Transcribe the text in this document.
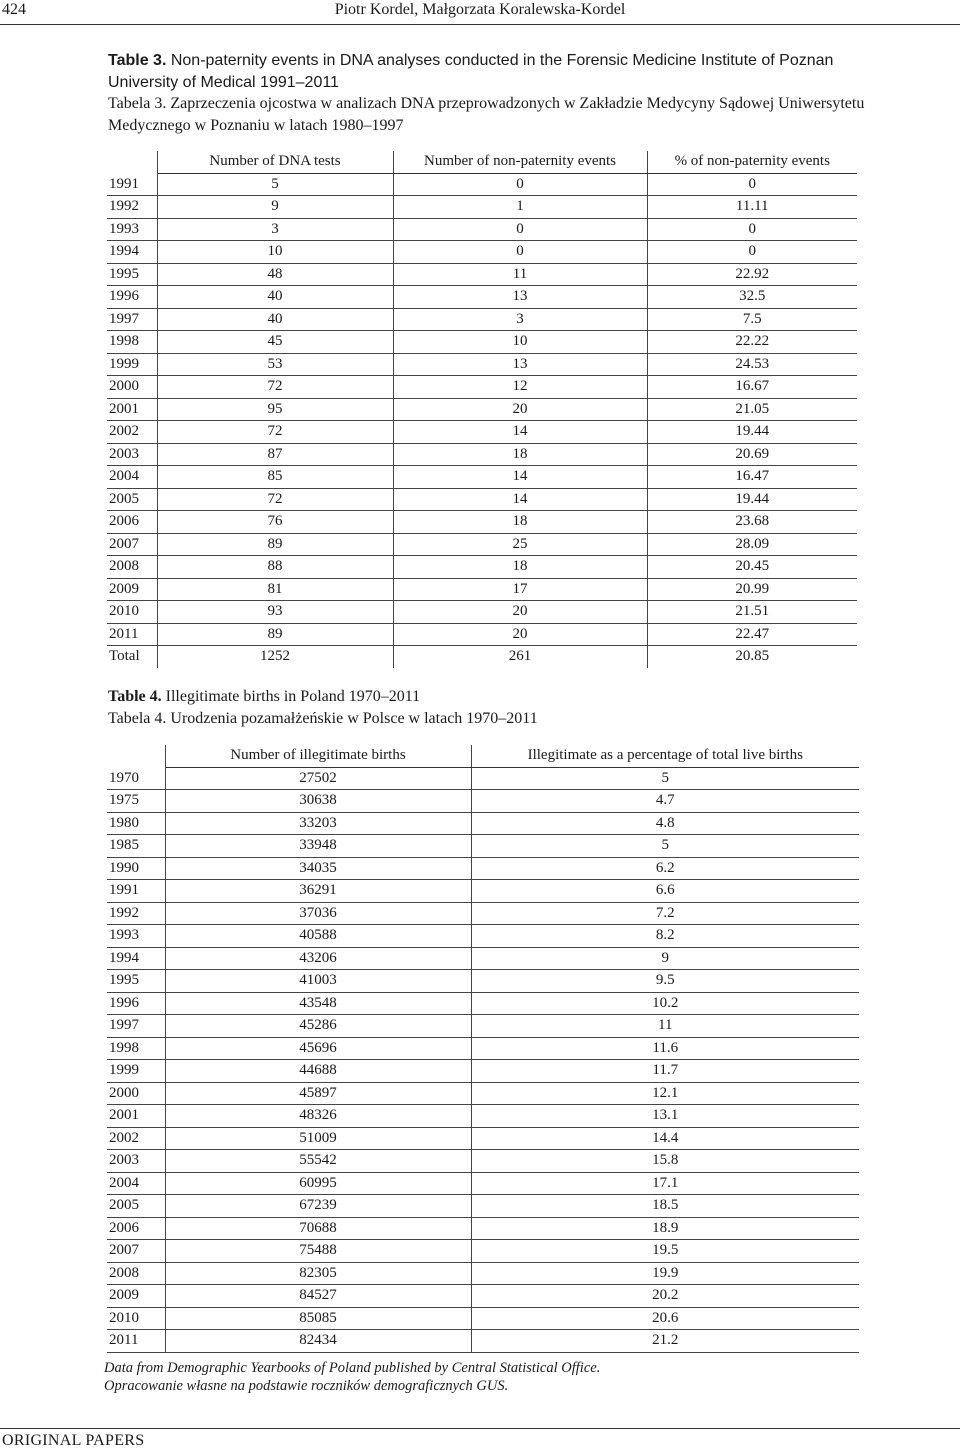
424	Piotr Kordel, Małgorzata Koralewska-Kordel
Table 3. Non-paternity events in DNA analyses conducted in the Forensic Medicine Institute of Poznan University of Medical 1991–2011
Tabela 3. Zaprzeczenia ojcostwa w analizach DNA przeprowadzonych w Zakładzie Medycyny Sądowej Uniwersytetu Medycznego w Poznaniu w latach 1980–1997
	Number of DNA tests	Number of non-paternity events	% of non-paternity events
1991	5	0	0
1992	9	1	11.11
1993	3	0	0
1994	10	0	0
1995	48	11	22.92
1996	40	13	32.5
1997	40	3	7.5
1998	45	10	22.22
1999	53	13	24.53
2000	72	12	16.67
2001	95	20	21.05
2002	72	14	19.44
2003	87	18	20.69
2004	85	14	16.47
2005	72	14	19.44
2006	76	18	23.68
2007	89	25	28.09
2008	88	18	20.45
2009	81	17	20.99
2010	93	20	21.51
2011	89	20	22.47
Total	1252	261	20.85
Table 4. Illegitimate births in Poland 1970–2011
Tabela 4. Urodzenia pozamałżeńskie w Polsce w latach 1970–2011
	Number of illegitimate births	Illegitimate as a percentage of total live births
1970	27502	5
1975	30638	4.7
1980	33203	4.8
1985	33948	5
1990	34035	6.2
1991	36291	6.6
1992	37036	7.2
1993	40588	8.2
1994	43206	9
1995	41003	9.5
1996	43548	10.2
1997	45286	11
1998	45696	11.6
1999	44688	11.7
2000	45897	12.1
2001	48326	13.1
2002	51009	14.4
2003	55542	15.8
2004	60995	17.1
2005	67239	18.5
2006	70688	18.9
2007	75488	19.5
2008	82305	19.9
2009	84527	20.2
2010	85085	20.6
2011	82434	21.2
Data from Demographic Yearbooks of Poland published by Central Statistical Office.
Opracowanie własne na podstawie roczników demograficznych GUS.
ORIGINAL PAPERS
